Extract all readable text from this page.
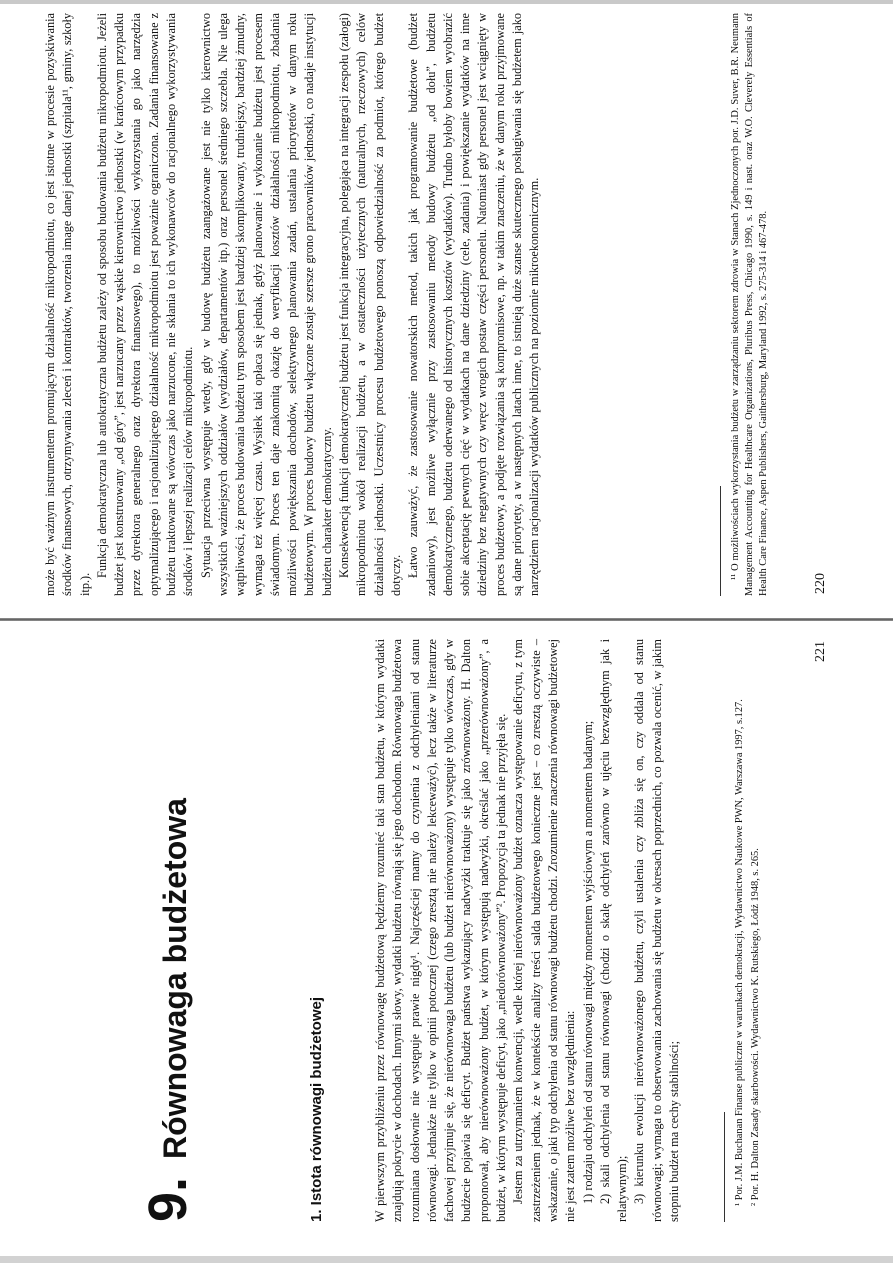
może być ważnym instrumentem promującym działalność mikropodmiotu, co jest istotne w procesie pozyskiwania środków finansowych, otrzymywania zleceń i kontraktów, tworzenia image danej jednostki (szpitala¹¹, gminy, szkoły itp.).

Funkcja demokratyczna lub autokratyczna budżetu zależy od sposobu budowania budżetu mikropodmiotu. Jeżeli budżet jest konstruowany „od góry”, jest narzucany przez wąskie kierownictwo jednostki (w krańcowym przypadku przez dyrektora generalnego oraz dyrektora finansowego), to możliwości wykorzystania go jako narzędzia optymalizującego i racjonalizującego działalność mikropodmiotu jest poważnie ograniczona. Zadania finansowane z budżetu traktowane są wówczas jako narzucone, nie skłania to ich wykonawców do racjonalnego wykorzystywania środków i lepszej realizacji celów mikropodmiotu. Sytuacja przeciwna występuje wtedy, gdy w budowę budżetu zaangażowane jest nie tylko kierownictwo wszystkich ważniejszych oddziałów (wydziałów, departamentów itp.) oraz personel średniego szczebla. Nie ulega wątpliwości, że proces budowania budżetu tym sposobem jest bardziej skomplikowany, trudniejszy, bardziej żmudny, wymaga też więcej czasu. Wysiłek taki opłaca się jednak, gdyż planowanie i wykonanie budżetu jest procesem świadomym. Proces ten daje znakomitą okazję do weryfikacji kosztów działalności mikropodmiotu, zbadania możliwości powiększania dochodów, selektywnego planowania zadań, ustalania priorytetów w danym roku budżetowym. W proces budowy budżetu włączone zostaje szersze grono pracowników jednostki, co nadaje instytucji budżetu charakter demokratyczny. Konsekwencją funkcji demokratycznej budżetu jest funkcja integracyjna, polegająca na integracji zespołu (załogi) mikropodmiotu wokół realizacji budżetu, a w ostateczności użytecznych (naturalnych, rzeczowych) celów działalności jednostki. Uczestnicy procesu budżetowego ponoszą odpowiedzialność za podmiot, którego budżet dotyczy. Łatwo zauważyć, że zastosowanie nowatorskich metod, takich jak programowanie budżetowe (budżet zadaniowy), jest możliwe wyłącznie przy zastosowaniu metody budowy budżetu „od dołu”, budżetu demokratycznego, budżetu oderwanego od historycznych kosztów (wydatków). Trudno byłoby bowiem wyobrazić sobie akceptację pewnych cięć w wydatkach na dane dziedziny (cele, zadania) i powiększanie wydatków na inne dziedziny bez negatywnych czy wręcz wrogich postaw części personelu. Natomiast gdy personel jest wciągnięty w proces budżetowy, a podjęte rozwiązania są kompromisowe, np. w takim znaczeniu, że w danym roku przyjmowane są dane priorytety, a w następnych latach inne, to istnieją duże szanse skutecznego posługiwania się budżetem jako narzędziem racjonalizacji wydatków publicznych na poziomie mikroekonomicznym.	¹¹ O możliwościach wykorzystania budżetu w zarządzaniu sektorem zdrowia w Stanach Zjednoczonych por. J.D. Suver, B.R. Neumann Management Accounting for Healthcare Organizations, Pluribus Press, Chicago 1990, s. 149 i nast. oraz W.O. Cleverely Essentials of Health Care Finance, Aspen Publishers, Gaithersburg, Maryland 1992, s. 275-314 i 467-478.	220
9.
Równowaga budżetowa	1. Istota równowagi budżetowej	W pierwszym przybliżeniu przez równowagę budżetową będziemy rozumieć taki stan budżetu, w którym wydatki znajdują pokrycie w dochodach. Innymi słowy, wydatki budżetu równają się jego dochodom. Równowaga budżetowa rozumiana dosłownie nie występuje prawie nigdy¹. Najczęściej mamy do czynienia z odchyleniami od stanu równowagi. Jednakże nie tylko w opinii potocznej (czego zresztą nie należy lekceważyć), lecz także w literaturze fachowej przyjmuje się, że nierównowaga budżetu (lub budżet nierównoważony) występuje tylko wówczas, gdy w budżecie pojawia się deficyt. Budżet państwa wykazujący nadwyżki traktuje się jako zrównoważony. H. Dalton proponował, aby nierównoważony budżet, w którym występują nadwyżki, określać jako „przerównoważony”, a budżet, w którym występuje deficyt, jako „niedorównoważony”². Propozycja ta jednak nie przyjęła się. Jestem za utrzymaniem konwencji, wedle której nierównoważony budżet oznacza występowanie deficytu, z tym zastrzeżeniem jednak, że w kontekście analizy treści salda budżetowego konieczne jest – co zresztą oczywiste – wskazanie, o jaki typ odchylenia od stanu równowagi budżetu chodzi. Zrozumienie znaczenia równowagi budżetowej nie jest zatem możliwe bez uwzględnienia: 1) rodzaju odchyleń od stanu równowagi między momentem wyjściowym a momentem badanym; 2) skali odchylenia od stanu równowagi (chodzi o skalę odchyleń zarówno w ujęciu bezwzględnym jak i relatywnym); 3) kierunku ewolucji nierównoważonego budżetu, czyli ustalenia czy zbliża się on, czy oddala od stanu równowagi; wymaga to obserwowania zachowania się budżetu w okresach poprzednich, co pozwala ocenić, w jakim stopniu budżet ma cechy stabilności;	¹ Por. J.M. Buchanan Finanse publiczne w warunkach demokracji, Wydawnictwo Naukowe PWN, Warszawa 1997, s.127. ² Por. H. Dalton Zasady skarbowości. Wydawnictwo K. Rutskiego, Łódź 1948, s. 265.

221
